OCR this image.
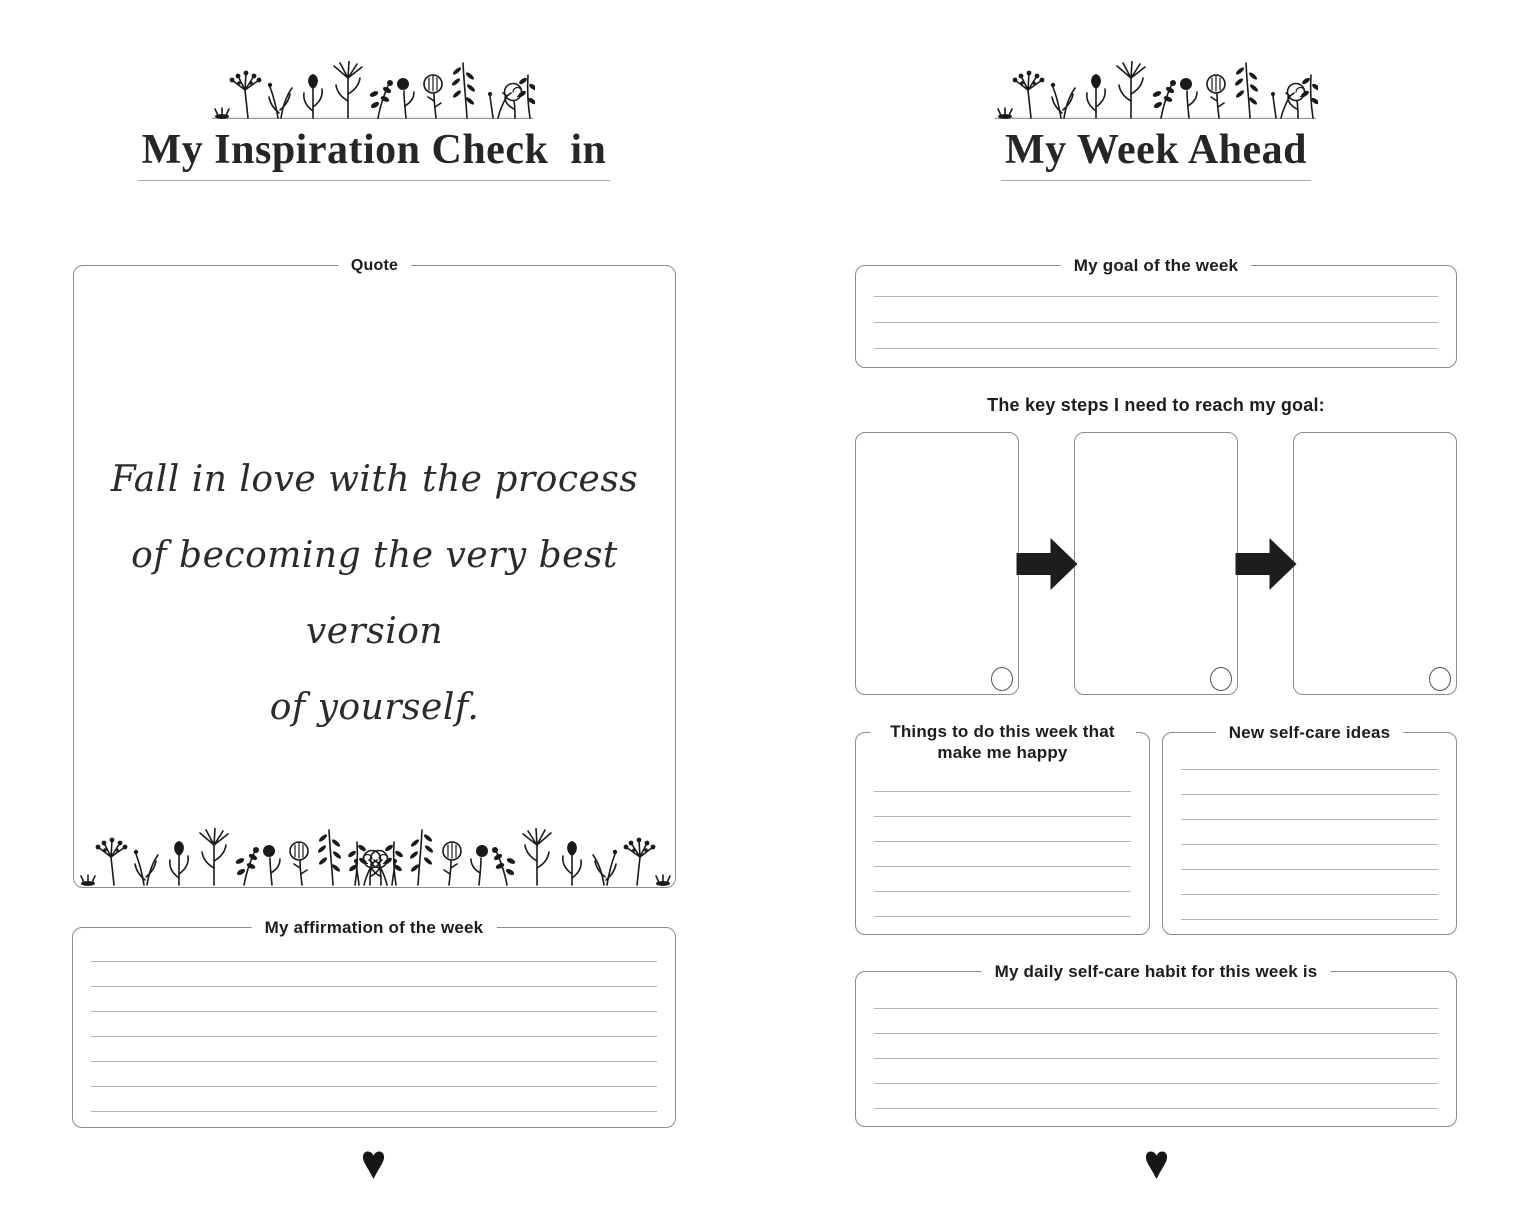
My Inspiration Check  in
Quote
Fall in love with the process
of becoming the very best version
of yourself.
My affirmation of the week
My Week Ahead
My goal of the week
The key steps I need to reach my goal:
Things to do this week that
make me happy
New self-care ideas
My daily self-care habit for this week is
